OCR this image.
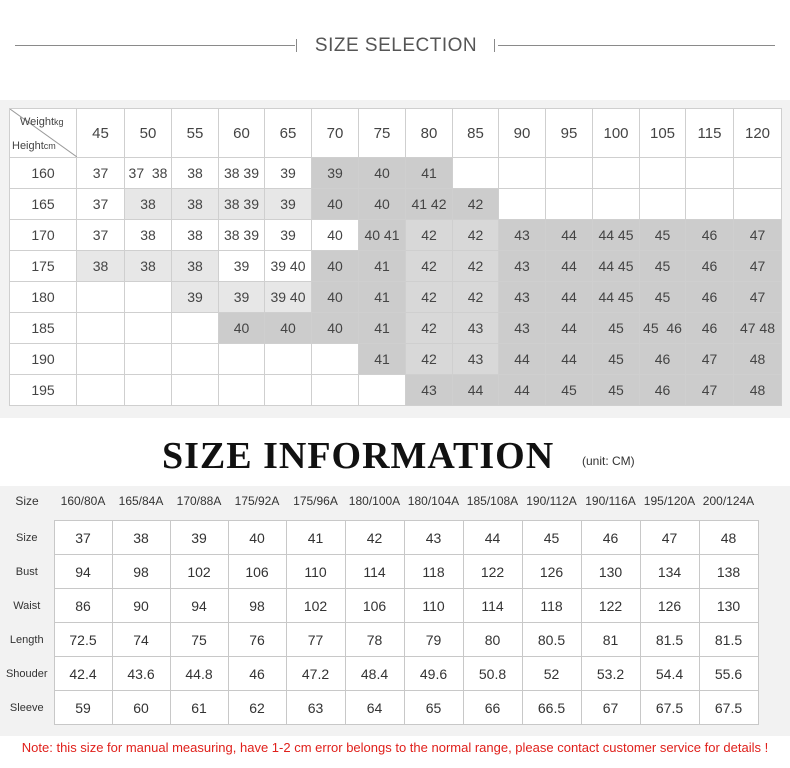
SIZE SELECTION
Weightkg
Heightcm	45	50	55	60	65	70	75	80	85	90	95	100	105	115	120
160	37	37  38	38	38 39	39	39	40	41							
165	37	38	38	38 39	39	40	40	41 42	42						
170	37	38	38	38 39	39	40	40 41	42	42	43	44	44 45	45	46	47
175	38	38	38	39	39 40	40	41	42	42	43	44	44 45	45	46	47
180			39	39	39 40	40	41	42	42	43	44	44 45	45	46	47
185				40	40	40	41	42	43	43	44	45	45  46	46	47 48
190							41	42	43	44	44	45	46	47	48
195								43	44	44	45	45	46	47	48
SIZE INFORMATION (unit: CM)
Size	160/80A	165/84A	170/88A	175/92A	175/96A 180/100A 180/104A 185/108A 190/112A 190/116A 195/120A 200/124A
Size	37	38	39	40	41	42	43	44	45	46	47	48
Bust	94	98	102	106	110	114	118	122	126	130	134	138
Waist	86	90	94	98	102	106	110	114	118	122	126	130
Length	72.5	74	75	76	77	78	79	80	80.5	81	81.5	81.5
Shouder	42.4	43.6	44.8	46	47.2	48.4	49.6	50.8	52	53.2	54.4	55.6
Sleeve	59	60	61	62	63	64	65	66	66.5	67	67.5	67.5
Note: this size for manual measuring, have 1-2 cm error belongs to the normal range, please contact customer service for details !
